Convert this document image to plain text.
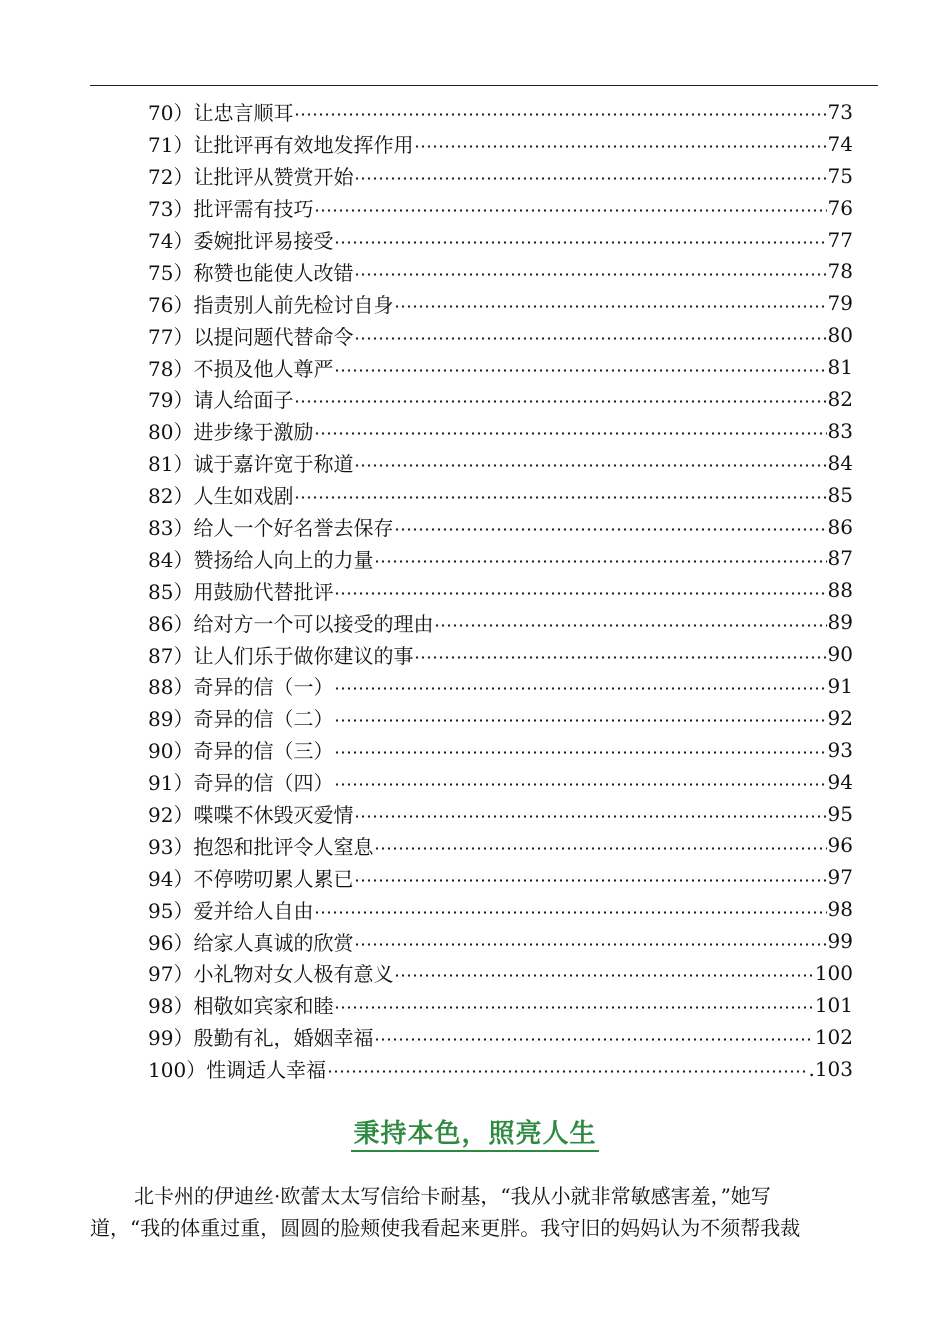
70） 让忠言顺耳	73
71） 让批评再有效地发挥作用	74
72） 让批评从赞赏开始	75
73） 批评需有技巧	76
74） 委婉批评易接受	77
75） 称赞也能使人改错	78
76） 指责别人前先检讨自身	79
77） 以提问题代替命令	80
78） 不损及他人尊严	81
79） 请人给面子	82
80） 进步缘于激励	83
81） 诚于嘉许宽于称道	84
82） 人生如戏剧	85
83） 给人一个好名誉去保存	86
84） 赞扬给人向上的力量	87
85） 用鼓励代替批评	88
86） 给对方一个可以接受的理由	89
87） 让人们乐于做你建议的事	90
88） 奇异的信（一）	91
89） 奇异的信（二）	92
90） 奇异的信（三）	93
91） 奇异的信（四）	94
92） 喋喋不休毁灭爱情	95
93） 抱怨和批评令人窒息	96
94） 不停唠叨累人累已	97
95） 爱并给人自由	98
96） 给家人真诚的欣赏	99
97） 小礼物对女人极有意义	100
98） 相敬如宾家和睦	101
99） 殷勤有礼，婚姻幸福	102
100） 性调适人幸福	.103
秉持本色，照亮人生
北卡州的伊迪丝·欧蕾太太写信给卡耐基，“我从小就非常敏感害羞，”她写
道，“我的体重过重，圆圆的脸颊使我看起来更胖。我守旧的妈妈认为不须帮我裁
